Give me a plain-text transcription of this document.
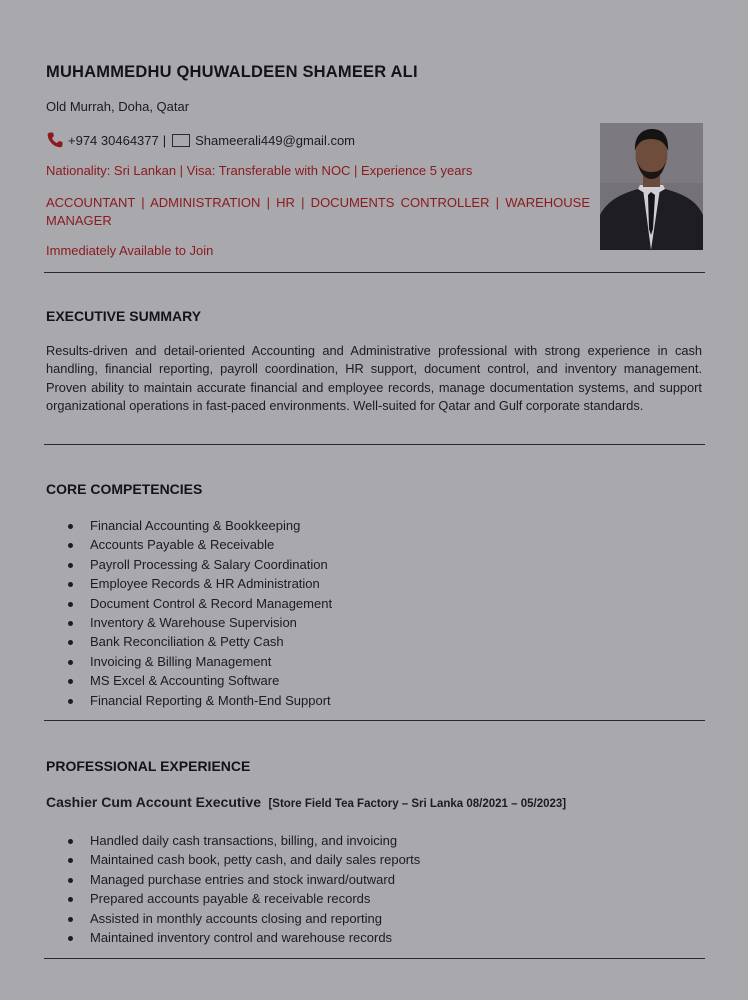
MUHAMMEDHU QHUWALDEEN SHAMEER ALI
Old Murrah, Doha, Qatar
+974 30464377 | Shameerali449@gmail.com
Nationality: Sri Lankan | Visa: Transferable with NOC | Experience 5 years
ACCOUNTANT | ADMINISTRATION | HR | DOCUMENTS CONTROLLER | WAREHOUSE MANAGER
Immediately Available to Join
EXECUTIVE SUMMARY
Results-driven and detail-oriented Accounting and Administrative professional with strong experience in cash handling, financial reporting, payroll coordination, HR support, document control, and inventory management. Proven ability to maintain accurate financial and employee records, manage documentation systems, and support organizational operations in fast-paced environments. Well-suited for Qatar and Gulf corporate standards.
CORE COMPETENCIES
Financial Accounting & Bookkeeping
Accounts Payable & Receivable
Payroll Processing & Salary Coordination
Employee Records & HR Administration
Document Control & Record Management
Inventory & Warehouse Supervision
Bank Reconciliation & Petty Cash
Invoicing & Billing Management
MS Excel & Accounting Software
Financial Reporting & Month-End Support
PROFESSIONAL EXPERIENCE
Cashier Cum Account Executive [Store Field Tea Factory – Sri Lanka 08/2021 – 05/2023]
Handled daily cash transactions, billing, and invoicing
Maintained cash book, petty cash, and daily sales reports
Managed purchase entries and stock inward/outward
Prepared accounts payable & receivable records
Assisted in monthly accounts closing and reporting
Maintained inventory control and warehouse records
